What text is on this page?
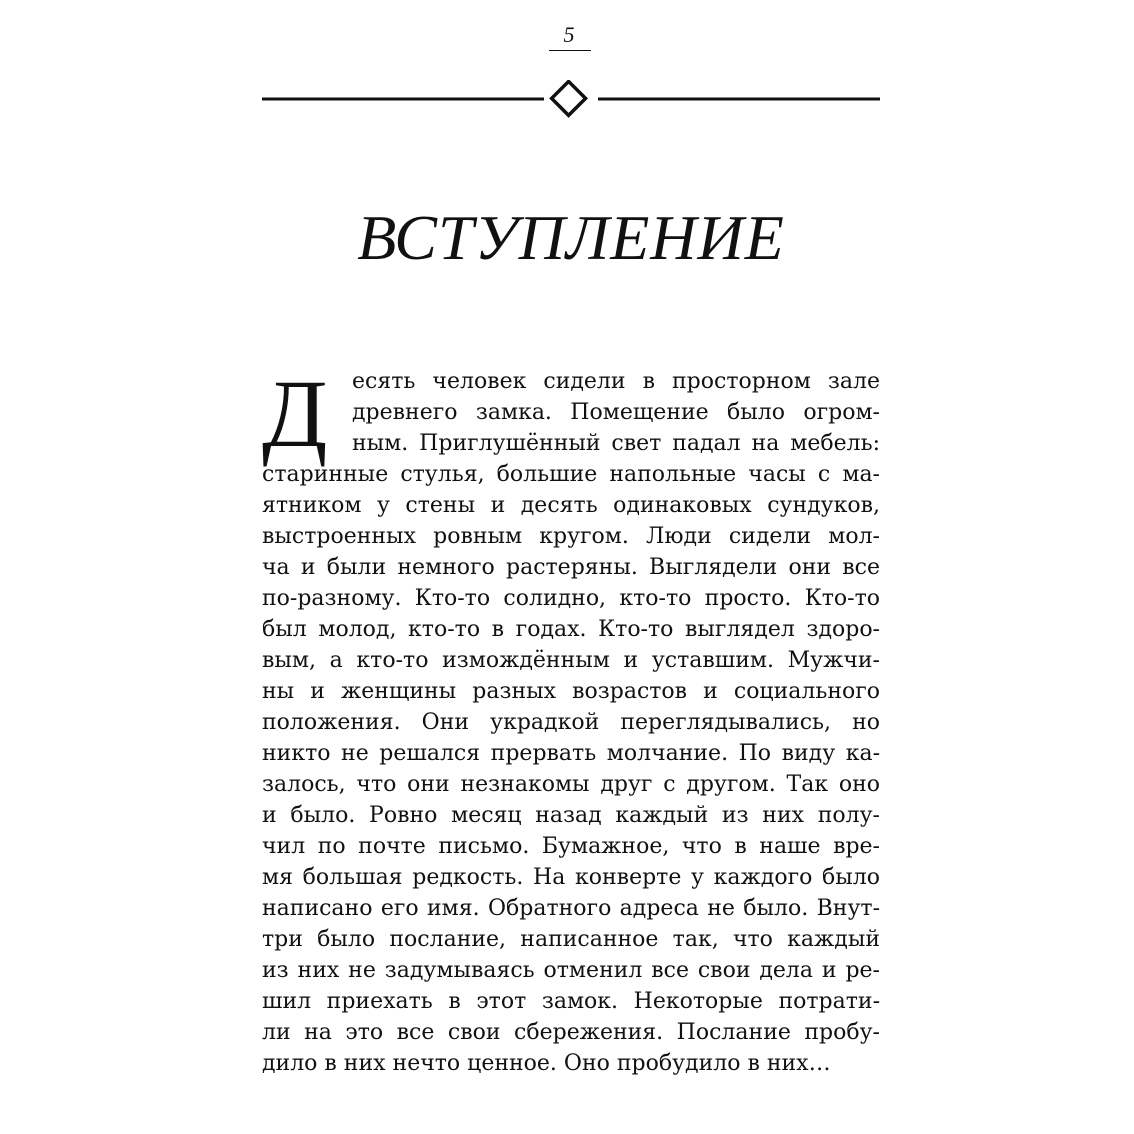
5
ВСТУПЛЕНИЕ
Д есять человек сидели в просторном зале
древнего замка. Помещение было огром-
ным. Приглушённый свет падал на мебель:
старинные стулья, большие напольные часы с ма-
ятником у стены и десять одинаковых сундуков,
выстроенных ровным кругом. Люди сидели мол-
ча и были немного растеряны. Выглядели они все
по-разному. Кто-то солидно, кто-то просто. Кто-то
был молод, кто-то в годах. Кто-то выглядел здоро-
вым, а кто-то измождённым и уставшим. Мужчи-
ны и женщины разных возрастов и социального
положения. Они украдкой переглядывались, но
никто не решался прервать молчание. По виду ка-
залось, что они незнакомы друг с другом. Так оно
и было. Ровно месяц назад каждый из них полу-
чил по почте письмо. Бумажное, что в наше вре-
мя большая редкость. На конверте у каждого было
написано его имя. Обратного адреса не было. Внут-
три было послание, написанное так, что каждый
из них не задумываясь отменил все свои дела и ре-
шил приехать в этот замок. Некоторые потрати-
ли на это все свои сбережения. Послание пробу-
дило в них нечто ценное. Оно пробудило в них…
